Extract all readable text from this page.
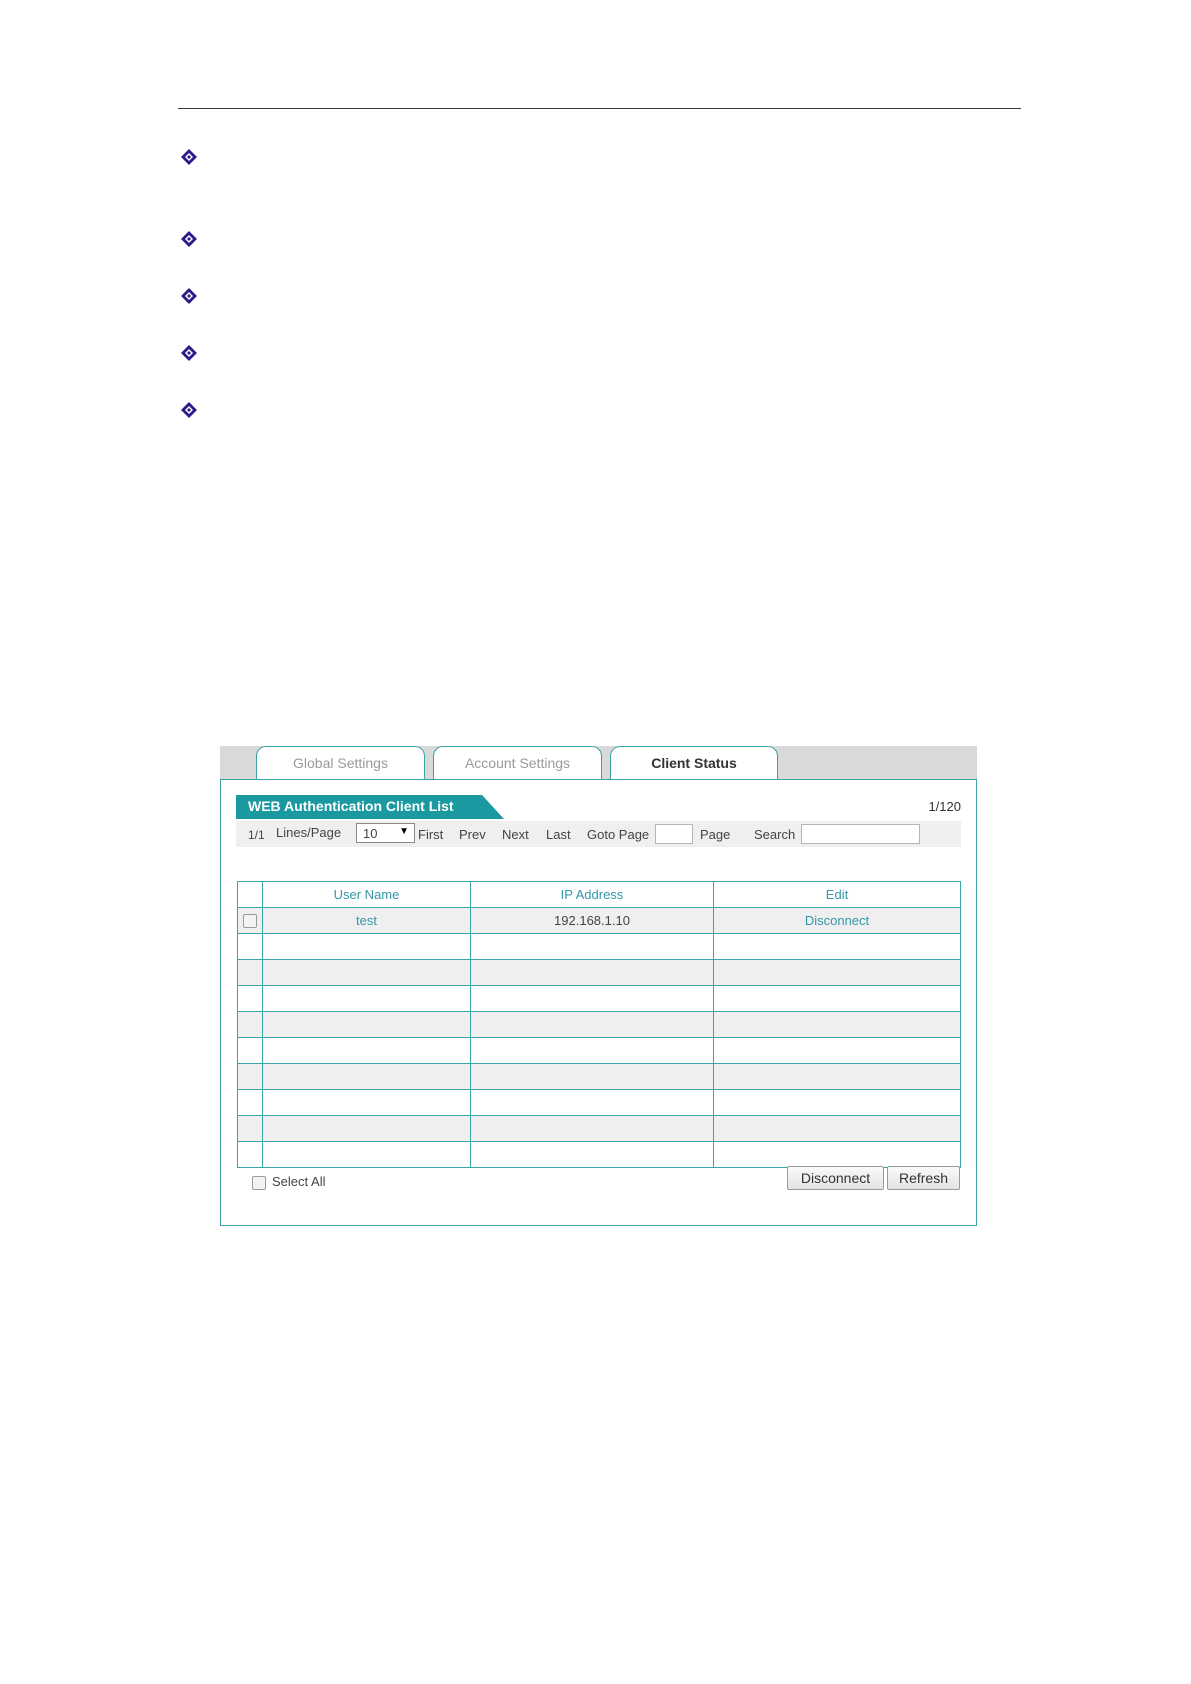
Global Settings	Account Settings	Client Status
WEB Authentication Client List	1/120
1/1 Lines/Page 10 ▼ First Prev Next Last Goto Page	Page Search
	User Name	IP Address	Edit
	test	192.168.1.10	Disconnect

Select All	Disconnect	Refresh
